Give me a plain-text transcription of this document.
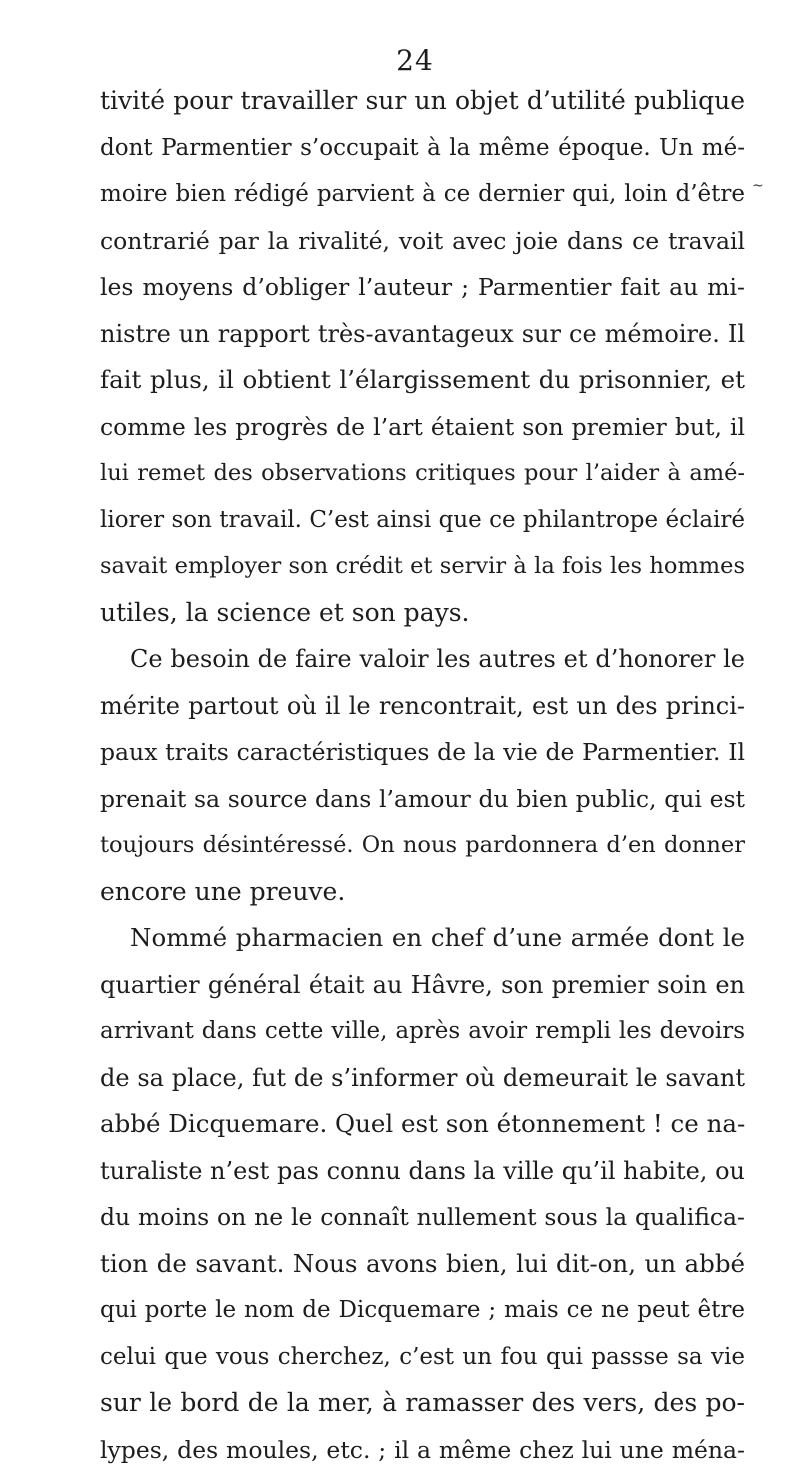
24
~
tivité pour travailler sur un objet d’utilité publique
dont Parmentier s’occupait à la même époque. Un mé-
moire bien rédigé parvient à ce dernier qui, loin d’être
contrarié par la rivalité, voit avec joie dans ce travail
les moyens d’obliger l’auteur ; Parmentier fait au mi-
nistre un rapport très-avantageux sur ce mémoire. Il
fait plus, il obtient l’élargissement du prisonnier, et
comme les progrès de l’art étaient son premier but, il
lui remet des observations critiques pour l’aider à amé-
liorer son travail. C’est ainsi que ce philantrope éclairé
savait employer son crédit et servir à la fois les hommes
utiles, la science et son pays.
Ce besoin de faire valoir les autres et d’honorer le
mérite partout où il le rencontrait, est un des princi-
paux traits caractéristiques de la vie de Parmentier. Il
prenait sa source dans l’amour du bien public, qui est
toujours désintéressé. On nous pardonnera d’en donner
encore une preuve.
Nommé pharmacien en chef d’une armée dont le
quartier général était au Hâvre, son premier soin en
arrivant dans cette ville, après avoir rempli les devoirs
de sa place, fut de s’informer où demeurait le savant
abbé Dicquemare. Quel est son étonnement ! ce na-
turaliste n’est pas connu dans la ville qu’il habite, ou
du moins on ne le connaît nullement sous la qualifica-
tion de savant. Nous avons bien, lui dit-on, un abbé
qui porte le nom de Dicquemare ; mais ce ne peut être
celui que vous cherchez, c’est un fou qui passse sa vie
sur le bord de la mer, à ramasser des vers, des po-
lypes, des moules, etc. ; il a même chez lui une ména-
